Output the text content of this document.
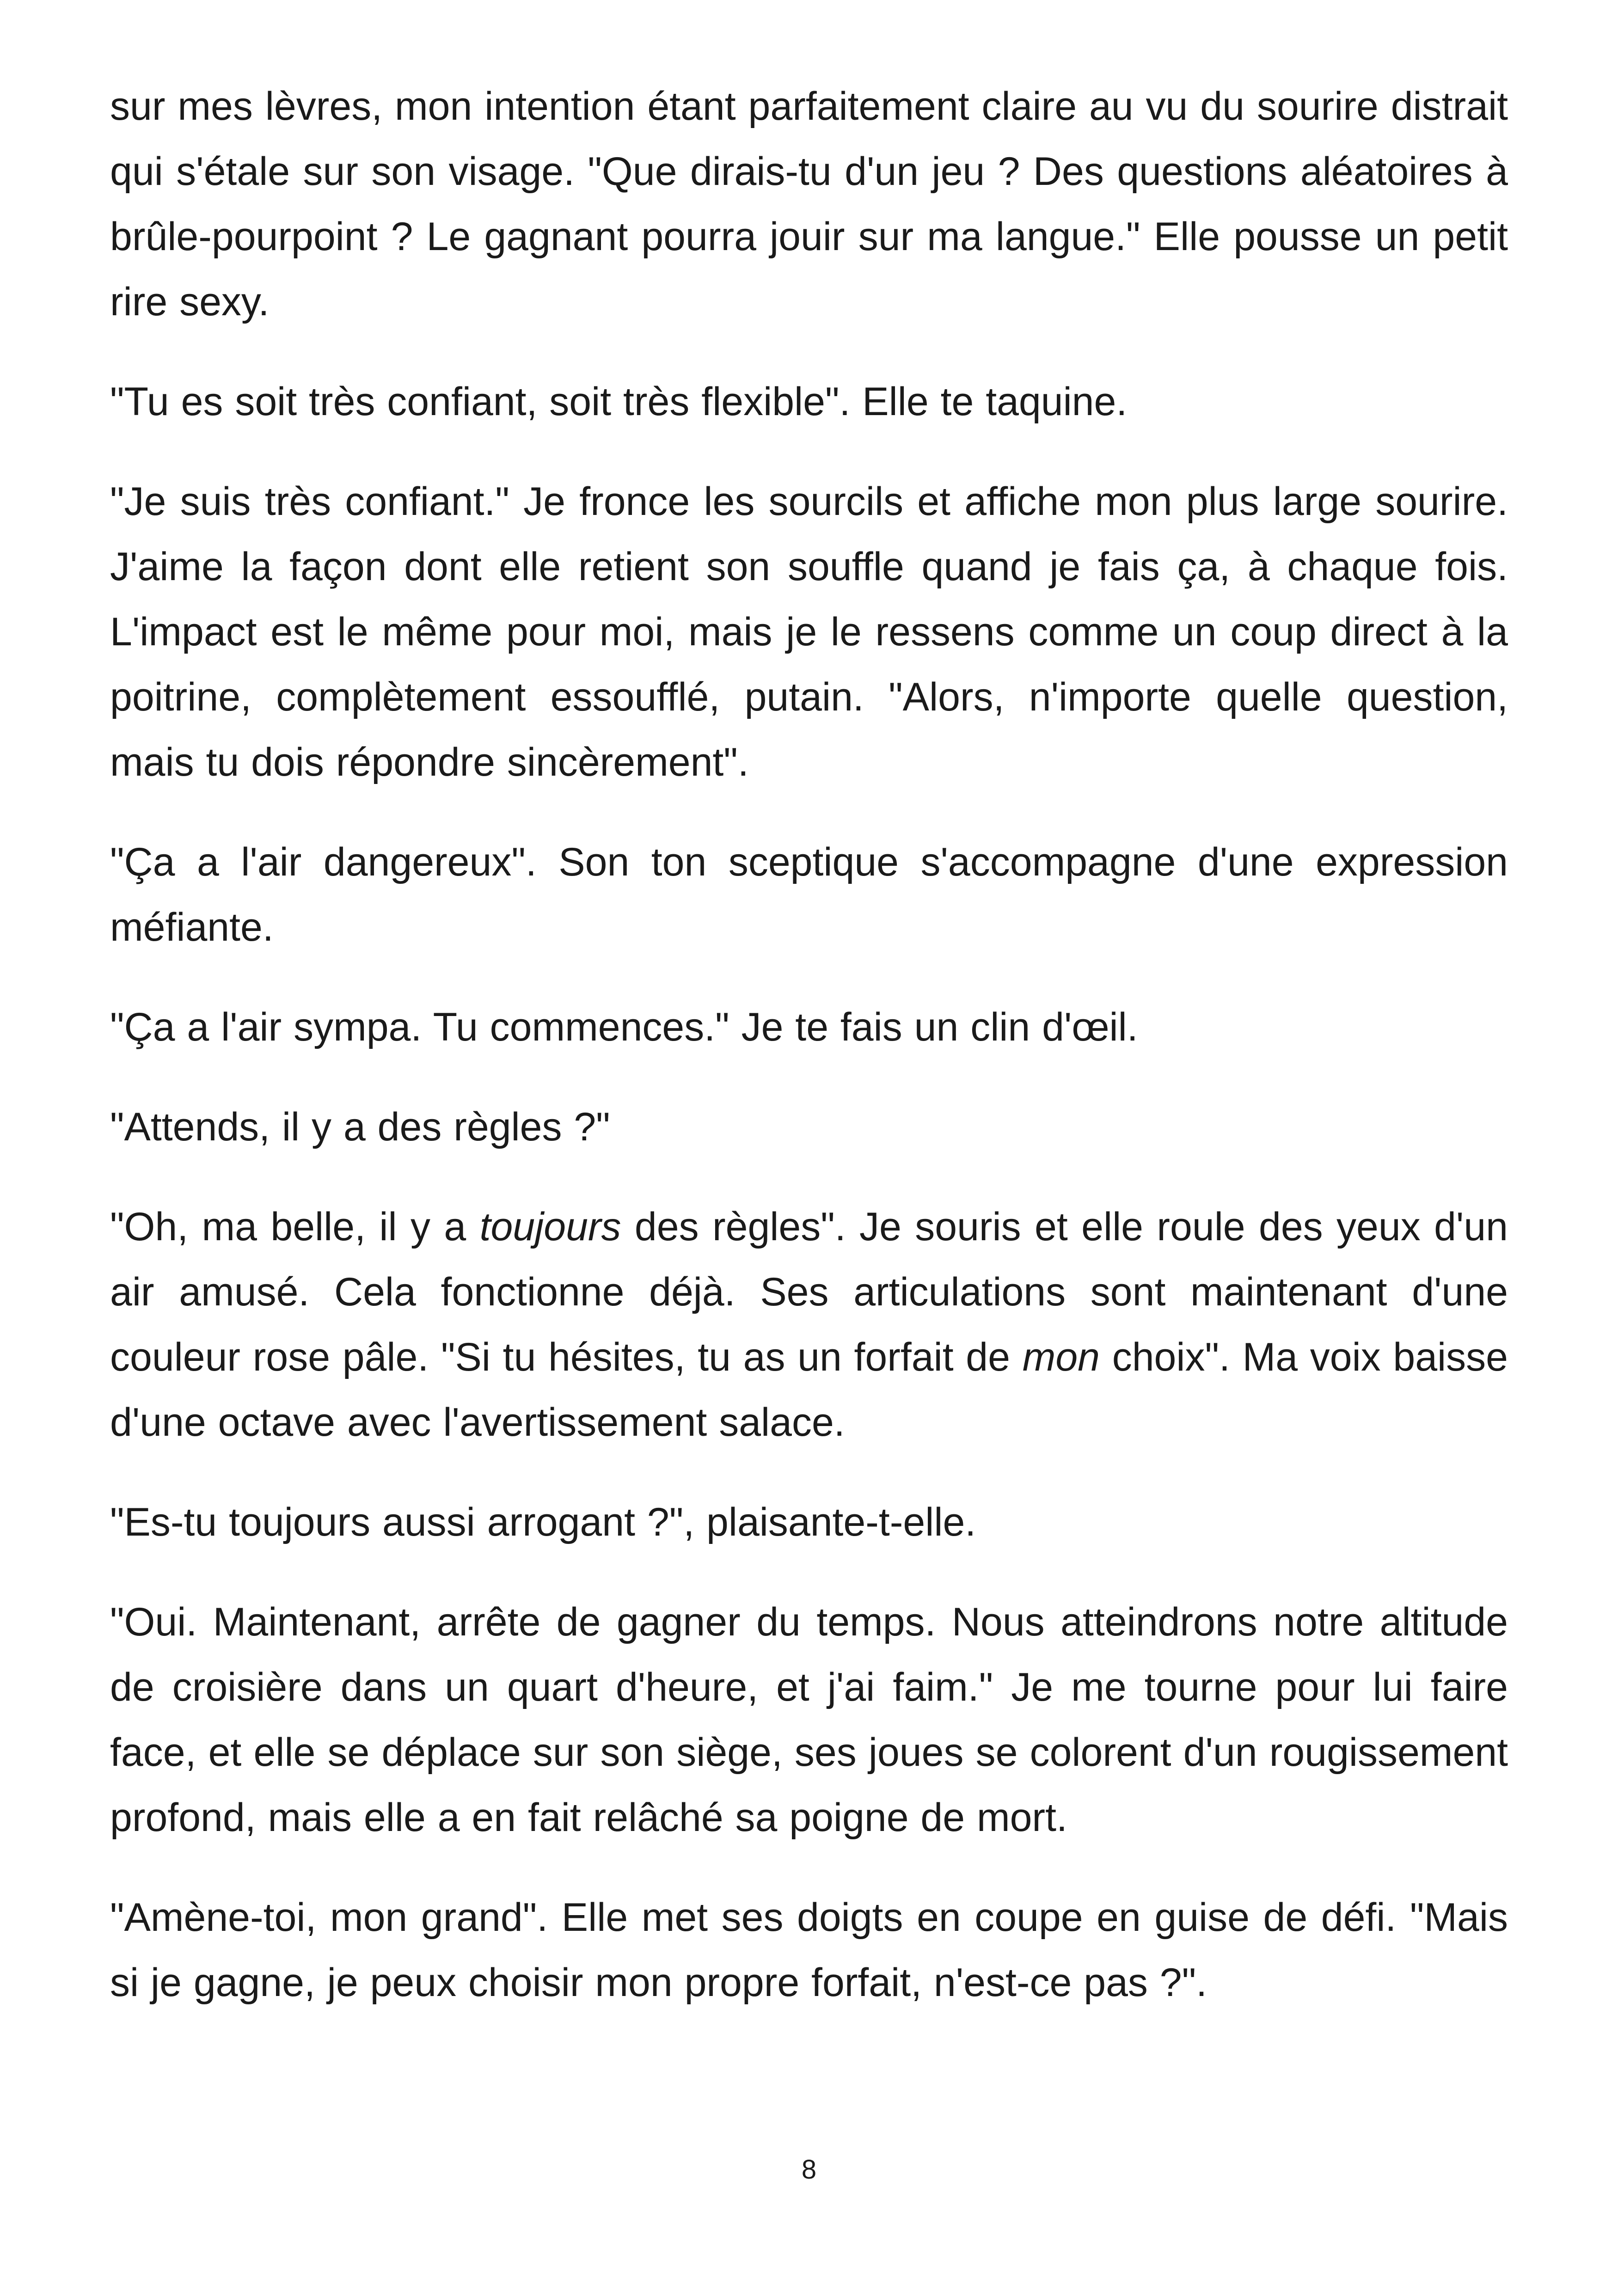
sur mes lèvres, mon intention étant parfaitement claire au vu du sourire distrait qui s'étale sur son visage. "Que dirais-tu d'un jeu ? Des questions aléatoires à brûle-pourpoint ? Le gagnant pourra jouir sur ma langue." Elle pousse un petit rire sexy.

"Tu es soit très confiant, soit très flexible". Elle te taquine.

"Je suis très confiant." Je fronce les sourcils et affiche mon plus large sourire. J'aime la façon dont elle retient son souffle quand je fais ça, à chaque fois. L'impact est le même pour moi, mais je le ressens comme un coup direct à la poitrine, complètement essoufflé, putain. "Alors, n'importe quelle question, mais tu dois répondre sincèrement".

"Ça a l'air dangereux". Son ton sceptique s'accompagne d'une expression méfiante.

"Ça a l'air sympa. Tu commences." Je te fais un clin d'œil.

"Attends, il y a des règles ?"

"Oh, ma belle, il y a toujours des règles". Je souris et elle roule des yeux d'un air amusé. Cela fonctionne déjà. Ses articulations sont maintenant d'une couleur rose pâle. "Si tu hésites, tu as un forfait de mon choix". Ma voix baisse d'une octave avec l'avertissement salace.

"Es-tu toujours aussi arrogant ?", plaisante-t-elle.

"Oui. Maintenant, arrête de gagner du temps. Nous atteindrons notre altitude de croisière dans un quart d'heure, et j'ai faim." Je me tourne pour lui faire face, et elle se déplace sur son siège, ses joues se colorent d'un rougissement profond, mais elle a en fait relâché sa poigne de mort.

"Amène-toi, mon grand". Elle met ses doigts en coupe en guise de défi. "Mais si je gagne, je peux choisir mon propre forfait, n'est-ce pas ?".

8
